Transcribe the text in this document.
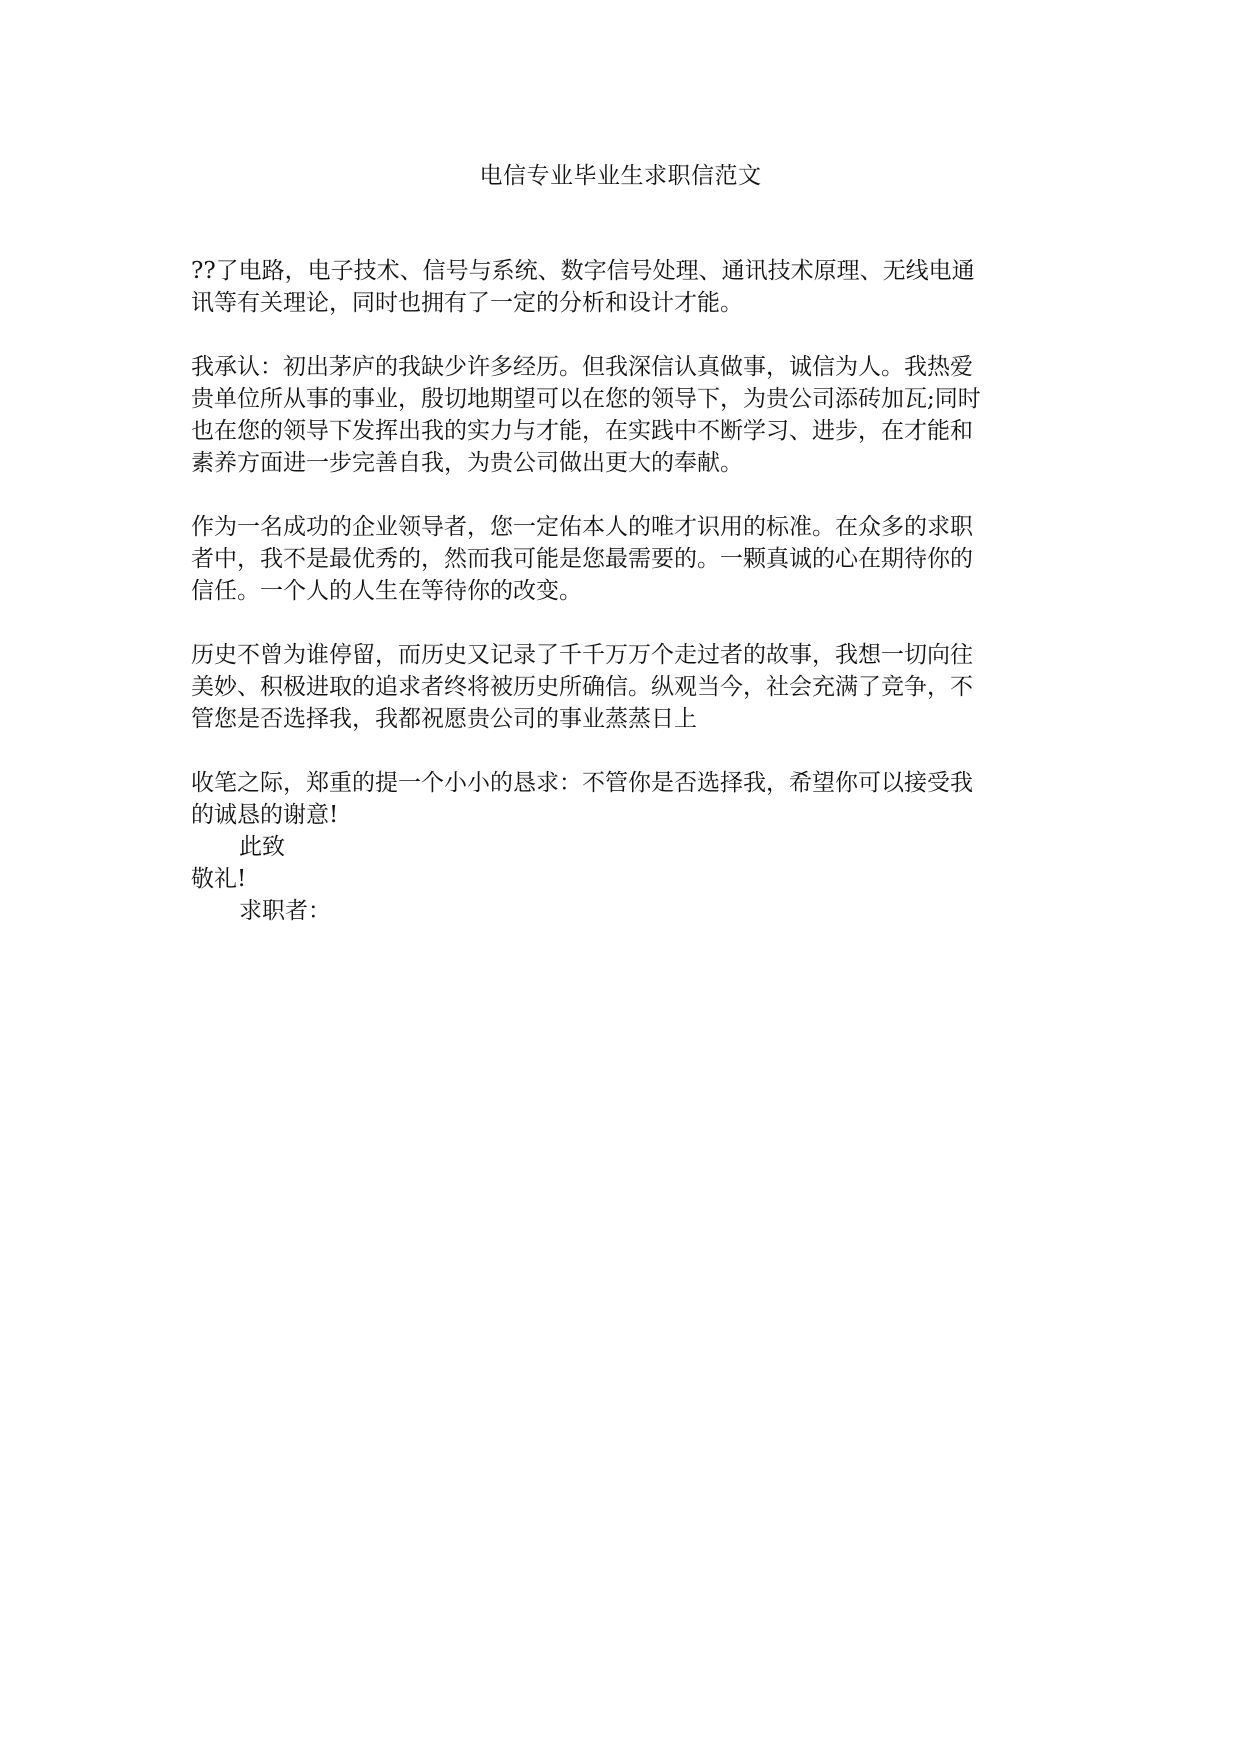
电信专业毕业生求职信范文
??了电路，电子技术、信号与系统、数字信号处理、通讯技术原理、无线电通
讯等有关理论，同时也拥有了一定的分析和设计才能。
我承认：初出茅庐的我缺少许多经历。但我深信认真做事，诚信为人。我热爱
贵单位所从事的事业，殷切地期望可以在您的领导下，为贵公司添砖加瓦;同时
也在您的领导下发挥出我的实力与才能，在实践中不断学习、进步，在才能和
素养方面进一步完善自我，为贵公司做出更大的奉献。
作为一名成功的企业领导者，您一定佑本人的唯才识用的标准。在众多的求职
者中，我不是最优秀的，然而我可能是您最需要的。一颗真诚的心在期待你的
信任。一个人的人生在等待你的改变。
历史不曾为谁停留，而历史又记录了千千万万个走过者的故事，我想一切向往
美妙、积极进取的追求者终将被历史所确信。纵观当今，社会充满了竞争，不
管您是否选择我，我都祝愿贵公司的事业蒸蒸日上
收笔之际，郑重的提一个小小的恳求：不管你是否选择我，希望你可以接受我
的诚恳的谢意!
此致
敬礼!
求职者：
